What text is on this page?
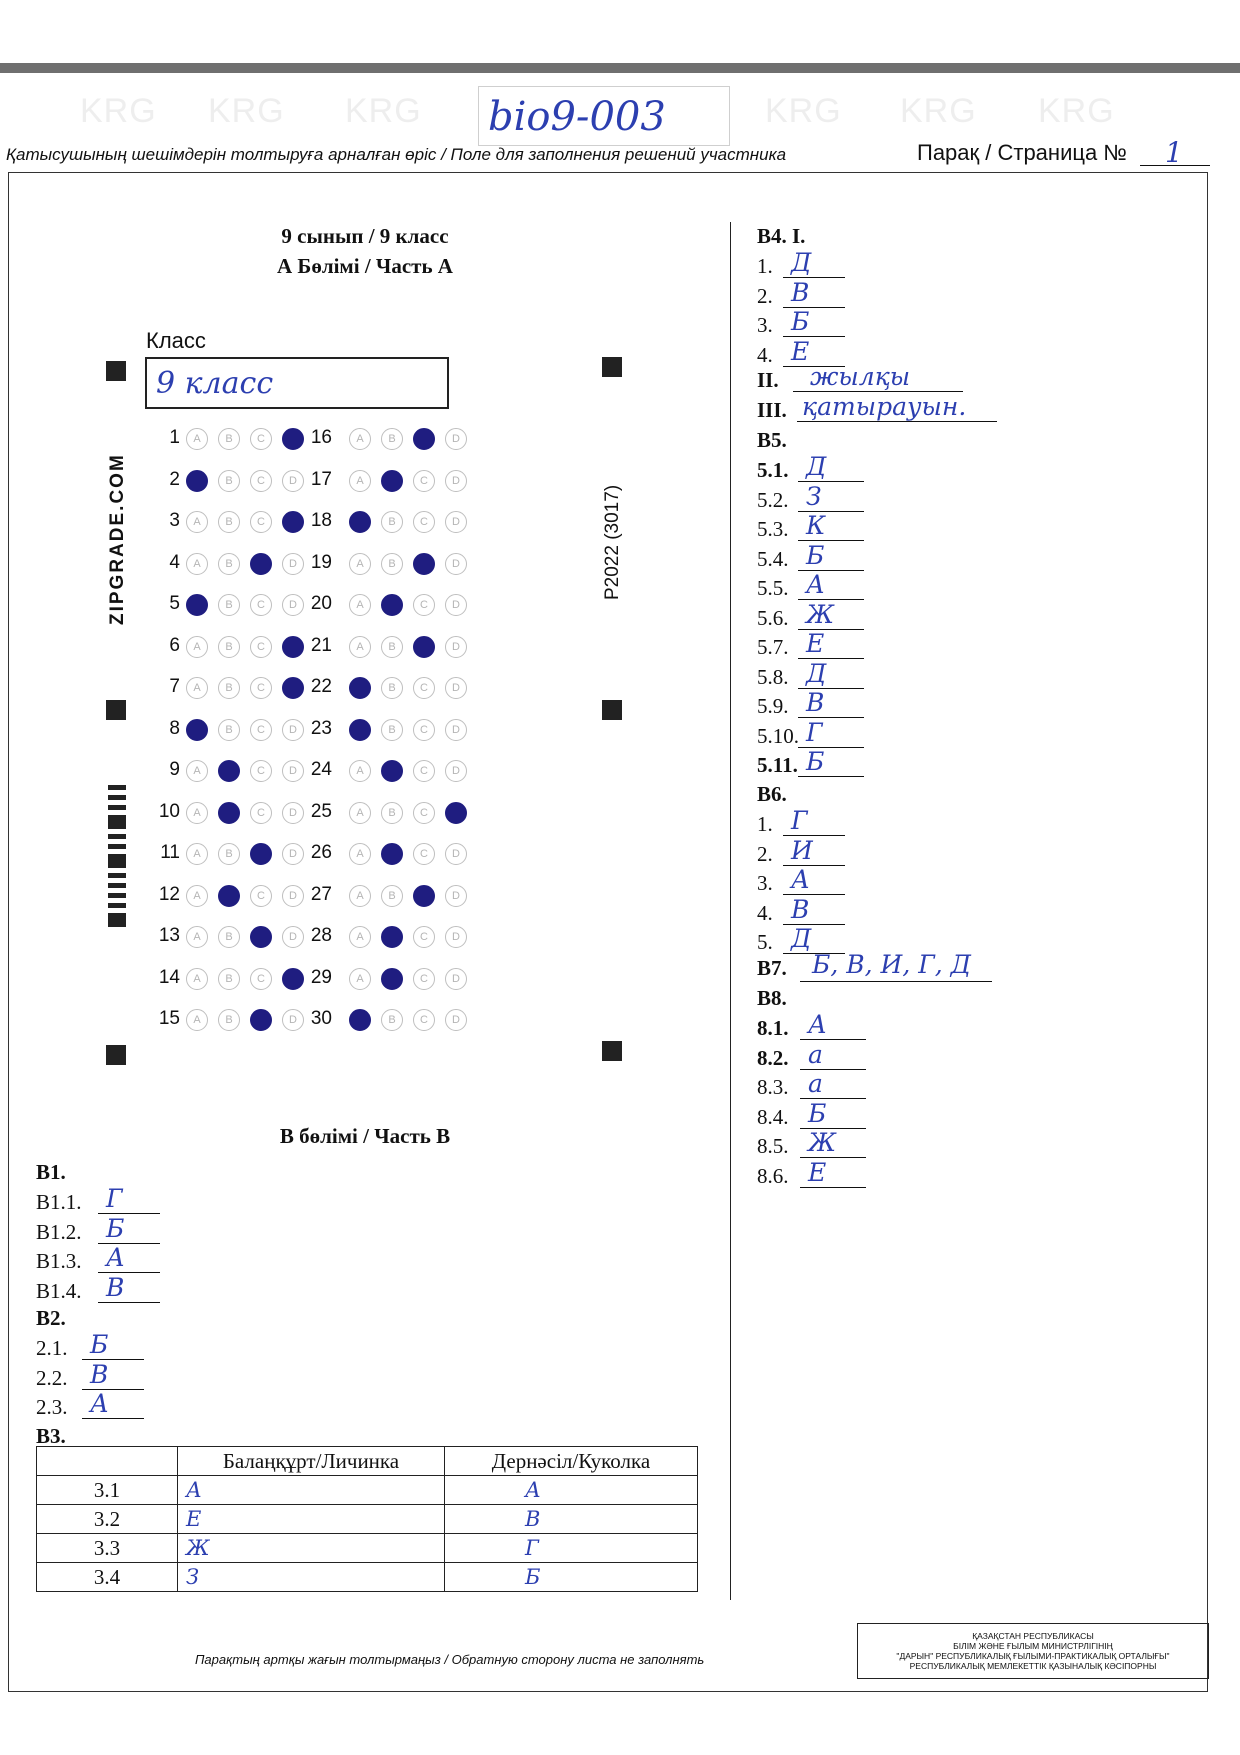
KRG KRG KRG	KRG KRG KRG
bio9-003
Қатысушының шешімдерін толтыруға арналған өріс / Поле для заполнения решений участника	Парақ / Страница № 1
9 сынып / 9 класс
А Бөлімі / Часть А
Класс
9 класс
ZIPGRADE.COM	P2022 (3017)
1	A	B	C
2	B	C	D
3	A	B	C
4	A	B	D
5	B	C	D
6	A	B	C
7	A	B	C
8	B	C	D
9	A	C	D
10	A	C	D
11	A	B	D
12	A	C	D
13	A	B	D
14	A	B	C
15	A	B	D
16	A	B	D
17	A	C	D
18	B	C	D
19	A	B	D
20	A	C	D
21	A	B	D
22	B	C	D
23	B	C	D
24	A	C	D
25	A	B	C
26	A	C	D
27	A	B	D
28	A	C	D
29	A	C	D
30	B	C	D
В бөлімі / Часть В
B1.
B1.1. Г
B1.2. Б
B1.3. А
B1.4. В
B2.
2.1. Б
2.2. В
2.3. А
B3.
	Балаңқұрт/Личинка	Дернәсіл/Куколка
3.1	А	А
3.2	Е	В
3.3	Ж	Г
3.4	З	Б
B4. I.
1. Д
2. В
3. Б
4. Е
II. жылқы
III. қатырауын.
B5.
5.1. Д
5.2. З
5.3. К
5.4. Б
5.5. А
5.6. Ж
5.7. Е
5.8. Д
5.9. В
5.10. Г
5.11. Б
B6.
1. Г
2. И
3. А
4. В
5. Д
B7. Б, В, И, Г, Д
B8.
8.1. А
8.2. а
8.3. а
8.4. Б
8.5. Ж
8.6. Е
Парақтың артқы жағын толтырмаңыз / Обратную сторону листа не заполнять
ҚАЗАҚСТАН РЕСПУБЛИКАСЫ
БІЛІМ ЖӘНЕ ҒЫЛЫМ МИНИСТРЛІГІНІҢ
"ДАРЫН" РЕСПУБЛИКАЛЫҚ ҒЫЛЫМИ-ПРАКТИКАЛЫҚ ОРТАЛЫҒЫ"
РЕСПУБЛИКАЛЫҚ МЕМЛЕКЕТТІК ҚАЗЫНАЛЫҚ КӘСІПОРНЫ
